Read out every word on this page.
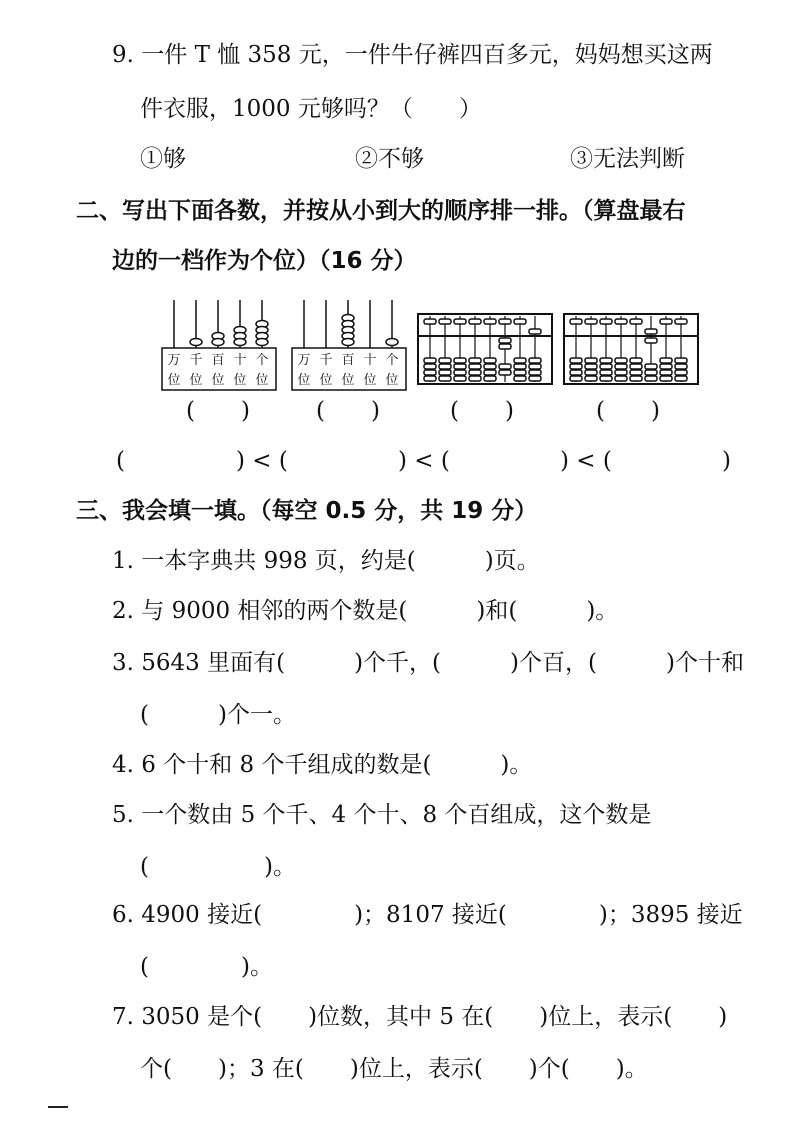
9. 一件 T 恤 358 元，一件牛仔裤四百多元，妈妈想买这两
件衣服，1000 元够吗？（　　）
①够	②不够	③无法判断
二、写出下面各数，并按从小到大的顺序排一排。（算盘最右
边的一档作为个位）（16 分）
万 千 百 十 个
位 位 位 位 位
万 千 百 十 个
位 位 位 位 位
(　　)	(　　)	(　　)	(　　)
(	) < (	) < (	) < (	)
三、我会填一填。（每空 0.5 分，共 19 分）
1. 一本字典共 998 页，约是(　　　)页。
2. 与 9000 相邻的两个数是(　　　)和(　　　)。
3. 5643 里面有(　　　)个千，(　　　)个百，(　　　)个十和
(　　　)个一。
4. 6 个十和 8 个千组成的数是(　　　)。
5. 一个数由 5 个千、4 个十、8 个百组成，这个数是
(　　　　　)。
6. 4900 接近(　　　　)；8107 接近(　　　　)；3895 接近
(　　　　)。
7. 3050 是个(　　)位数，其中 5 在(　　)位上，表示(　　)
个(　　)；3 在(　　)位上，表示(　　)个(　　)。
